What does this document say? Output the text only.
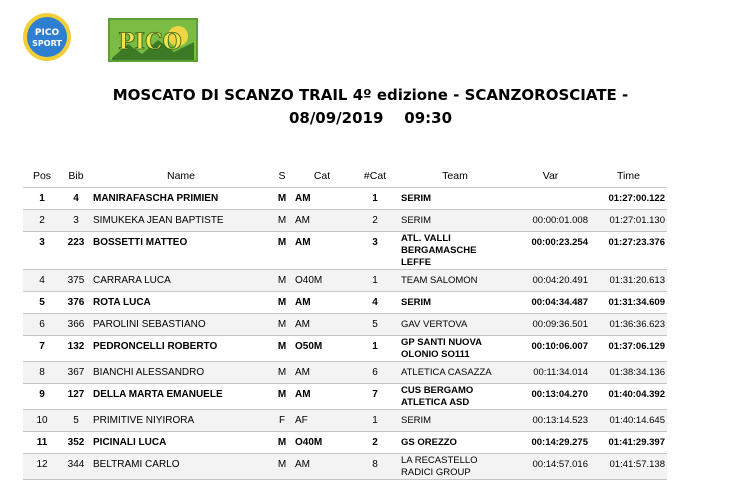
PICO
SPORT	PICO
MOSCATO DI SCANZO TRAIL 4º edizione - SCANZOROSCIATE -
08/09/2019    09:30
Pos	Bib	Name	S	Cat	#Cat	Team	Var	Time
1	4	MANIRAFASCHA PRIMIEN	M	AM	1	SERIM		01:27:00.122
2	3	SIMUKEKA JEAN BAPTISTE	M	AM	2	SERIM	00:00:01.008	01:27:01.130
3	223	BOSSETTI MATTEO	M	AM	3	ATL. VALLI
BERGAMASCHE
LEFFE	00:00:23.254	01:27:23.376
4	375	CARRARA LUCA	M	O40M	1	TEAM SALOMON	00:04:20.491	01:31:20.613
5	376	ROTA LUCA	M	AM	4	SERIM	00:04:34.487	01:31:34.609
6	366	PAROLINI SEBASTIANO	M	AM	5	GAV VERTOVA	00:09:36.501	01:36:36.623
7	132	PEDRONCELLI ROBERTO	M	O50M	1	GP SANTI NUOVA
OLONIO SO111	00:10:06.007	01:37:06.129
8	367	BIANCHI ALESSANDRO	M	AM	6	ATLETICA CASAZZA	00:11:34.014	01:38:34.136
9	127	DELLA MARTA EMANUELE	M	AM	7	CUS BERGAMO
ATLETICA ASD	00:13:04.270	01:40:04.392
10	5	PRIMITIVE NIYIRORA	F	AF	1	SERIM	00:13:14.523	01:40:14.645
11	352	PICINALI LUCA	M	O40M	2	GS OREZZO	00:14:29.275	01:41:29.397
12	344	BELTRAMI CARLO	M	AM	8	LA RECASTELLO
RADICI GROUP	00:14:57.016	01:41:57.138
